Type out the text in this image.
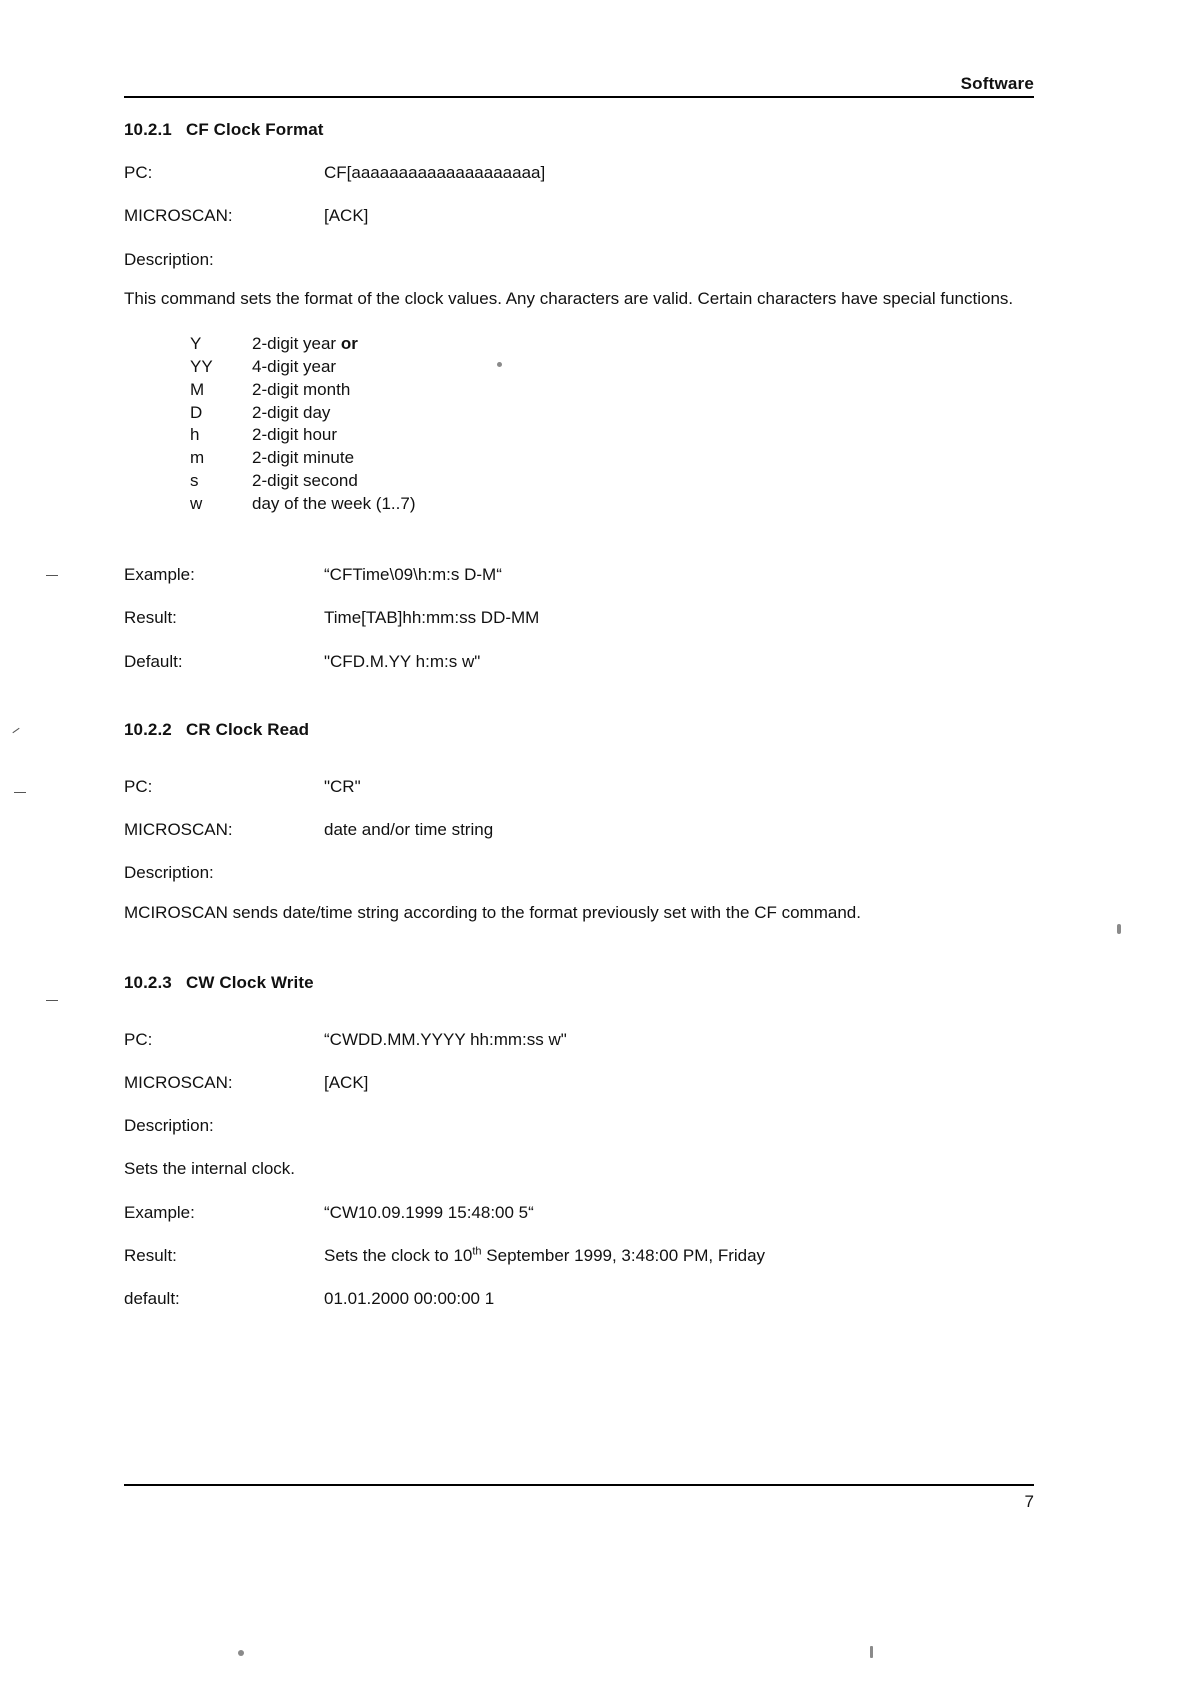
Software
10.2.1 CF Clock Format
PC:	CF[aaaaaaaaaaaaaaaaaaaa]
MICROSCAN:	[ACK]
Description:
This command sets the format of the clock values. Any characters are valid. Certain characters have special functions.
Y	2-digit year or
YY	4-digit year
M	2-digit month
D	2-digit day
h	2-digit hour
m	2-digit minute
s	2-digit second
w	day of the week (1..7)
Example:	“CFTime\09\h:m:s D-M“
Result:	Time[TAB]hh:mm:ss DD-MM
Default:	"CFD.M.YY h:m:s w"
10.2.2 CR Clock Read
PC:	"CR"
MICROSCAN:	date and/or time string
Description:
MCIROSCAN sends date/time string according to the format previously set with the CF command.
10.2.3 CW Clock Write
PC:	“CWDD.MM.YYYY hh:mm:ss w"
MICROSCAN:	[ACK]
Description:
Sets the internal clock.
Example:	“CW10.09.1999 15:48:00 5“
Result:	Sets the clock to 10th September 1999, 3:48:00 PM, Friday
default:	01.01.2000 00:00:00 1
7
